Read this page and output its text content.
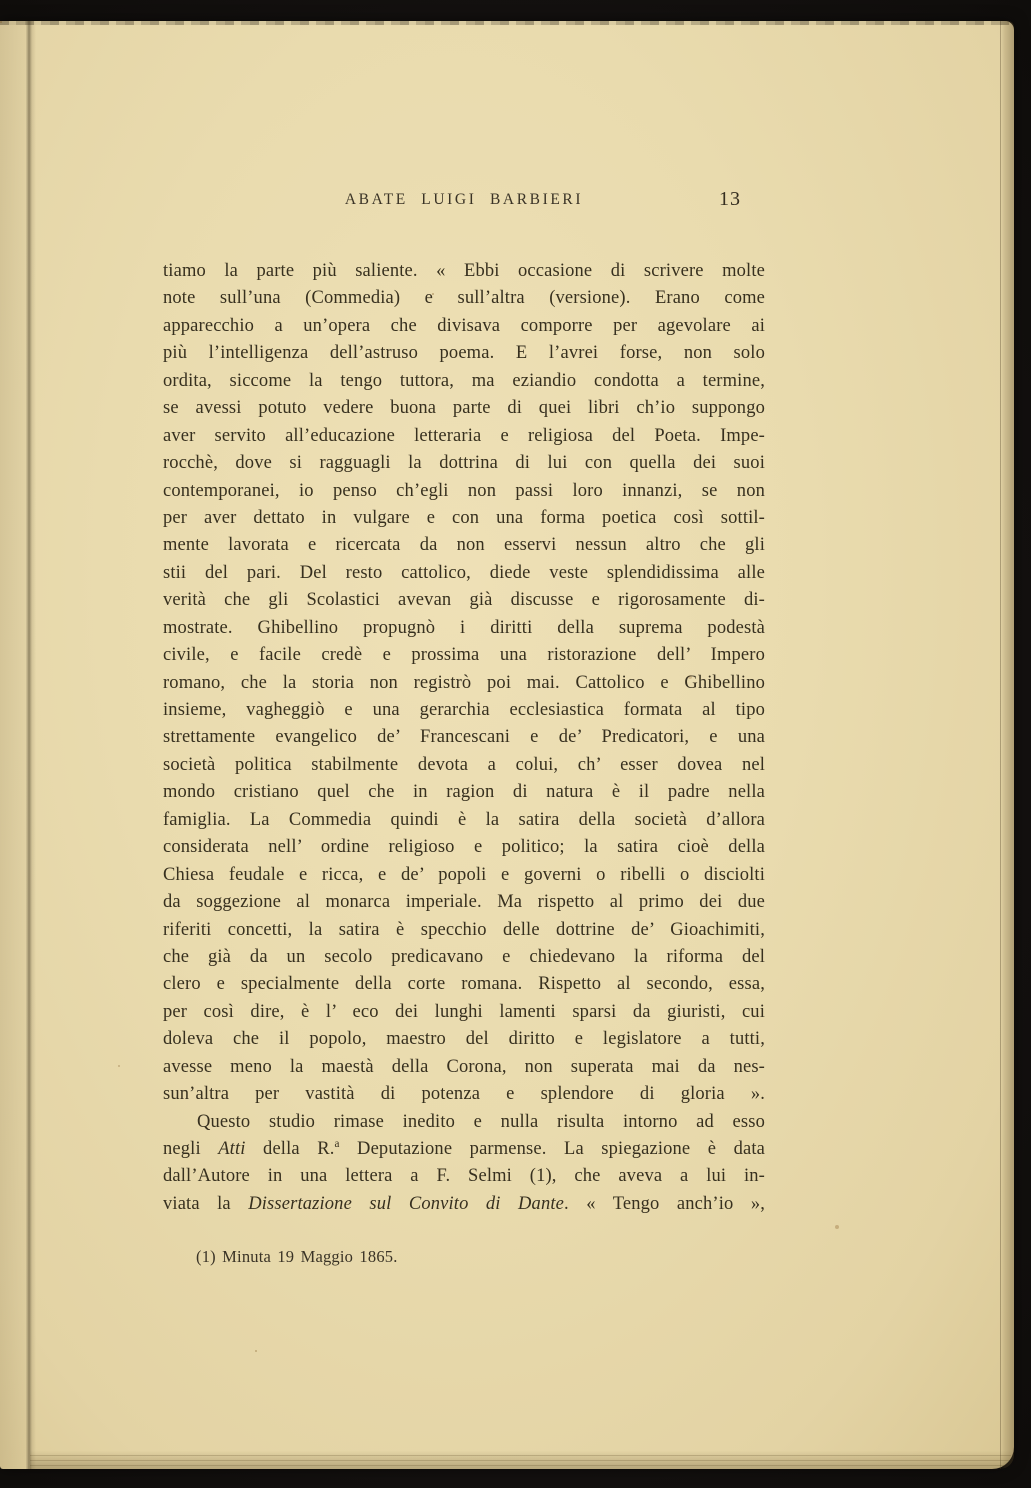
ABATE LUIGI BARBIERI	13
tiamo la parte più saliente. « Ebbi occasione di scrivere molte
note sull’una (Commedia) e sull’altra (versione). Erano come
apparecchio a un’opera che divisava comporre per agevolare ai
più l’intelligenza dell’astruso poema. E l’avrei forse, non solo
ordita, siccome la tengo tuttora, ma eziandio condotta a termine,
se avessi potuto vedere buona parte di quei libri ch’io suppongo
aver servito all’educazione letteraria e religiosa del Poeta. Impe-
rocchè, dove si ragguagli la dottrina di lui con quella dei suoi
contemporanei, io penso ch’egli non passi loro innanzi, se non
per aver dettato in vulgare e con una forma poetica così sottil-
mente lavorata e ricercata da non esservi nessun altro che gli
stii del pari. Del resto cattolico, diede veste splendidissima alle
verità che gli Scolastici avevan già discusse e rigorosamente di-
mostrate. Ghibellino propugnò i diritti della suprema podestà
civile, e facile credè e prossima una ristorazione dell’ Impero
romano, che la storia non registrò poi mai. Cattolico e Ghibellino
insieme, vagheggiò e una gerarchia ecclesiastica formata al tipo
strettamente evangelico de’ Francescani e de’ Predicatori, e una
società politica stabilmente devota a colui, ch’ esser dovea nel
mondo cristiano quel che in ragion di natura è il padre nella
famiglia. La Commedia quindi è la satira della società d’allora
considerata nell’ ordine religioso e politico; la satira cioè della
Chiesa feudale e ricca, e de’ popoli e governi o ribelli o disciolti
da soggezione al monarca imperiale. Ma rispetto al primo dei due
riferiti concetti, la satira è specchio delle dottrine de’ Gioachimiti,
che già da un secolo predicavano e chiedevano la riforma del
clero e specialmente della corte romana. Rispetto al secondo, essa,
per così dire, è l’ eco dei lunghi lamenti sparsi da giuristi, cui
doleva che il popolo, maestro del diritto e legislatore a tutti,
avesse meno la maestà della Corona, non superata mai da nes-
sun’altra per vastità di potenza e splendore di gloria ».
Questo studio rimase inedito e nulla risulta intorno ad esso
negli Atti della R.$^a$ Deputazione parmense. La spiegazione è data
dall’Autore in una lettera a F. Selmi (1), che aveva a lui in-
viata la Dissertazione sul Convito di Dante. « Tengo anch’io »,
(1) Minuta 19 Maggio 1865.
